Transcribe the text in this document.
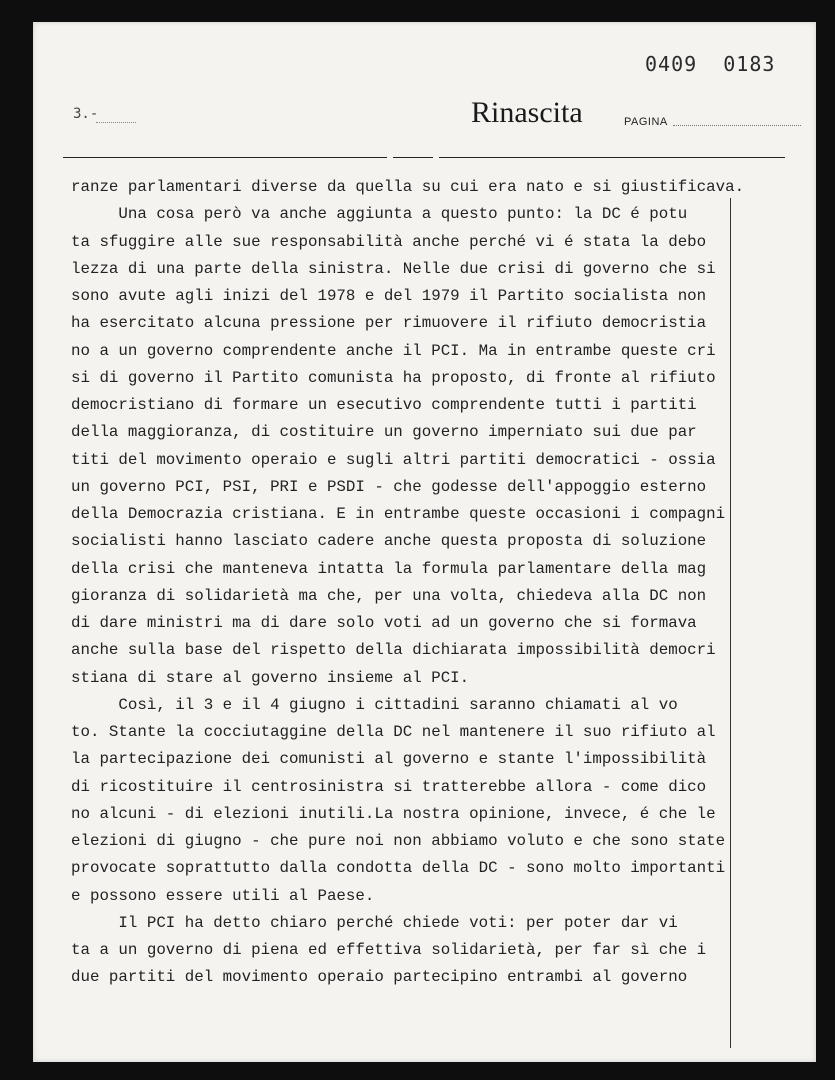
0409  0183
3.-	Rinascita	PAGINA
ranze parlamentari diverse da quella su cui era nato e si giustificava.
Una cosa però va anche aggiunta a questo punto: la DC é potu
ta sfuggire alle sue responsabilità anche perché vi é stata la debo
lezza di una parte della sinistra. Nelle due crisi di governo che si
sono avute agli inizi del 1978 e del 1979 il Partito socialista non
ha esercitato alcuna pressione per rimuovere il rifiuto democristia
no a un governo comprendente anche il PCI. Ma in entrambe queste cri
si di governo il Partito comunista ha proposto, di fronte al rifiuto
democristiano di formare un esecutivo comprendente tutti i partiti
della maggioranza, di costituire un governo imperniato sui due par
titi del movimento operaio e sugli altri partiti democratici - ossia
un governo PCI, PSI, PRI e PSDI - che godesse dell'appoggio esterno
della Democrazia cristiana. E in entrambe queste occasioni i compagni
socialisti hanno lasciato cadere anche questa proposta di soluzione
della crisi che manteneva intatta la formula parlamentare della mag
gioranza di solidarietà ma che, per una volta, chiedeva alla DC non
di dare ministri ma di dare solo voti ad un governo che si formava
anche sulla base del rispetto della dichiarata impossibilità democri
stiana di stare al governo insieme al PCI.
Così, il 3 e il 4 giugno i cittadini saranno chiamati al vo
to. Stante la cocciutaggine della DC nel mantenere il suo rifiuto al
la partecipazione dei comunisti al governo e stante l'impossibilità
di ricostituire il centrosinistra si tratterebbe allora - come dico
no alcuni - di elezioni inutili.La nostra opinione, invece, é che le
elezioni di giugno - che pure noi non abbiamo voluto e che sono state
provocate soprattutto dalla condotta della DC - sono molto importanti
e possono essere utili al Paese.
Il PCI ha detto chiaro perché chiede voti: per poter dar vi
ta a un governo di piena ed effettiva solidarietà, per far sì che i
due partiti del movimento operaio partecipino entrambi al governo
